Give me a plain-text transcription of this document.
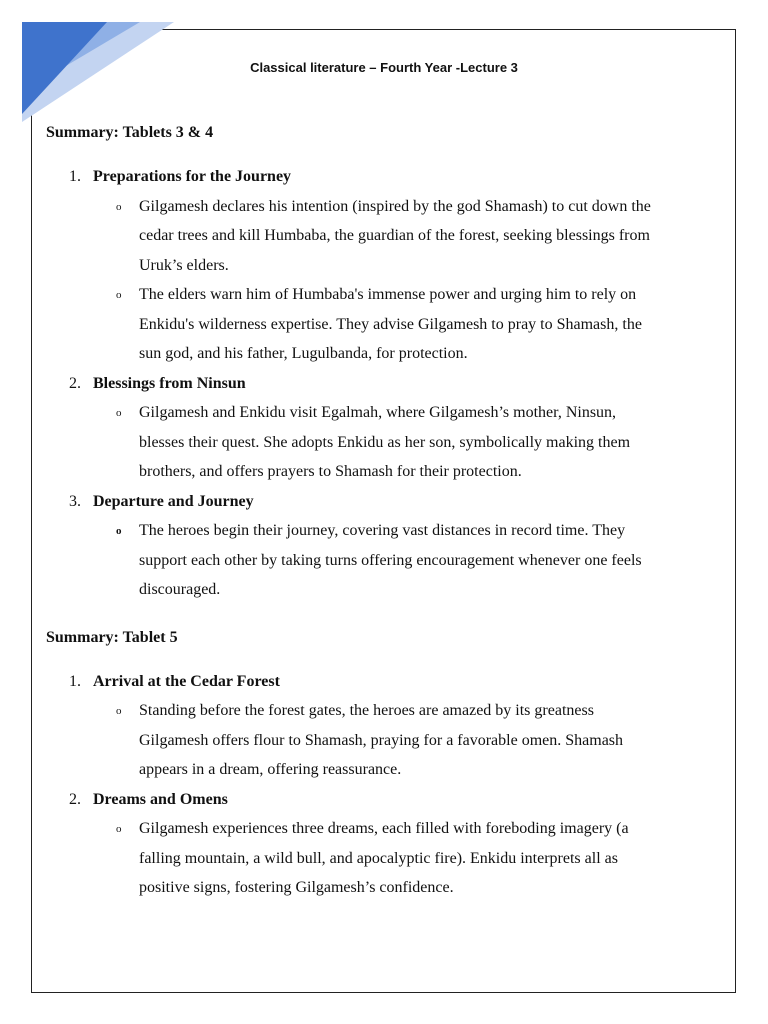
Classical literature – Fourth Year -Lecture 3
Summary: Tablets 3 & 4
1. Preparations for the Journey
o Gilgamesh declares his intention (inspired by the god Shamash) to cut down the
cedar trees and kill Humbaba, the guardian of the forest, seeking blessings from
Uruk’s elders.
o The elders warn him of Humbaba's immense power and urging him to rely on
Enkidu's wilderness expertise. They advise Gilgamesh to pray to Shamash, the
sun god, and his father, Lugulbanda, for protection.
2. Blessings from Ninsun
o Gilgamesh and Enkidu visit Egalmah, where Gilgamesh’s mother, Ninsun,
blesses their quest. She adopts Enkidu as her son, symbolically making them
brothers, and offers prayers to Shamash for their protection.
3. Departure and Journey
o The heroes begin their journey, covering vast distances in record time. They
support each other by taking turns offering encouragement whenever one feels
discouraged.
Summary: Tablet 5
1. Arrival at the Cedar Forest
o Standing before the forest gates, the heroes are amazed by its greatness
Gilgamesh offers flour to Shamash, praying for a favorable omen. Shamash
appears in a dream, offering reassurance.
2. Dreams and Omens
o Gilgamesh experiences three dreams, each filled with foreboding imagery (a
falling mountain, a wild bull, and apocalyptic fire). Enkidu interprets all as
positive signs, fostering Gilgamesh’s confidence.
